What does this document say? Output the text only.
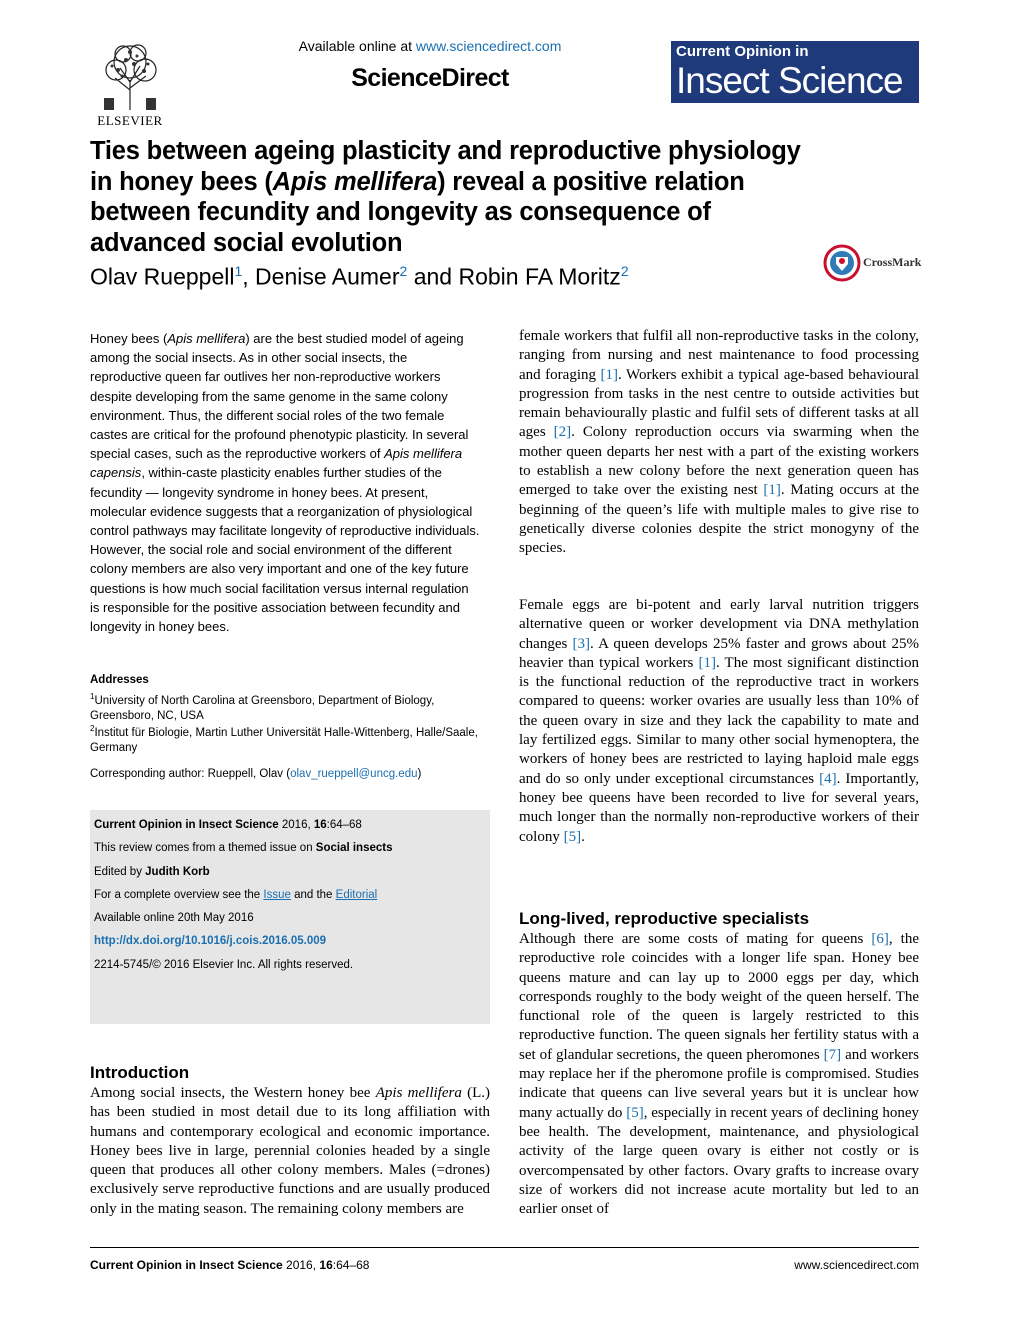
ELSEVIER
Available online at www.sciencedirect.com
ScienceDirect
Current Opinion in
Insect Science
Ties between ageing plasticity and reproductive physiology in honey bees (Apis mellifera) reveal a positive relation between fecundity and longevity as consequence of advanced social evolution
Olav Rueppell$^1$, Denise Aumer$^2$ and Robin FA Moritz$^2$
CrossMark
Honey bees (Apis mellifera) are the best studied model of ageing among the social insects. As in other social insects, the reproductive queen far outlives her non-reproductive workers despite developing from the same genome in the same colony environment. Thus, the different social roles of the two female castes are critical for the profound phenotypic plasticity. In several special cases, such as the reproductive workers of Apis mellifera capensis, within-caste plasticity enables further studies of the fecundity — longevity syndrome in honey bees. At present, molecular evidence suggests that a reorganization of physiological control pathways may facilitate longevity of reproductive individuals. However, the social role and social environment of the different colony members are also very important and one of the key future questions is how much social facilitation versus internal regulation is responsible for the positive association between fecundity and longevity in honey bees.
Addresses
$^1$University of North Carolina at Greensboro, Department of Biology, Greensboro, NC, USA
$^2$Institut für Biologie, Martin Luther Universität Halle-Wittenberg, Halle/Saale, Germany
Corresponding author: Rueppell, Olav (olav_rueppell@uncg.edu)
Current Opinion in Insect Science 2016, 16:64–68
This review comes from a themed issue on Social insects
Edited by Judith Korb
For a complete overview see the Issue and the Editorial
Available online 20th May 2016
http://dx.doi.org/10.1016/j.cois.2016.05.009
2214-5745/© 2016 Elsevier Inc. All rights reserved.
Introduction
Among social insects, the Western honey bee Apis mellifera (L.) has been studied in most detail due to its long affiliation with humans and contemporary ecological and economic importance. Honey bees live in large, perennial colonies headed by a single queen that produces all other colony members. Males (=drones) exclusively serve reproductive functions and are usually produced only in the mating season. The remaining colony members are
female workers that fulfil all non-reproductive tasks in the colony, ranging from nursing and nest maintenance to food processing and foraging [1]. Workers exhibit a typical age-based behavioural progression from tasks in the nest centre to outside activities but remain behaviourally plastic and fulfil sets of different tasks at all ages [2]. Colony reproduction occurs via swarming when the mother queen departs her nest with a part of the existing workers to establish a new colony before the next generation queen has emerged to take over the existing nest [1]. Mating occurs at the beginning of the queen’s life with multiple males to give rise to genetically diverse colonies despite the strict monogyny of the species.
Female eggs are bi-potent and early larval nutrition triggers alternative queen or worker development via DNA methylation changes [3]. A queen develops 25% faster and grows about 25% heavier than typical workers [1]. The most significant distinction is the functional reduction of the reproductive tract in workers compared to queens: worker ovaries are usually less than 10% of the queen ovary in size and they lack the capability to mate and lay fertilized eggs. Similar to many other social hymenoptera, the workers of honey bees are restricted to laying haploid male eggs and do so only under exceptional circumstances [4]. Importantly, honey bee queens have been recorded to live for several years, much longer than the normally non-reproductive workers of their colony [5].
Long-lived, reproductive specialists
Although there are some costs of mating for queens [6], the reproductive role coincides with a longer life span. Honey bee queens mature and can lay up to 2000 eggs per day, which corresponds roughly to the body weight of the queen herself. The functional role of the queen is largely restricted to this reproductive function. The queen signals her fertility status with a set of glandular secretions, the queen pheromones [7] and workers may replace her if the pheromone profile is compromised. Studies indicate that queens can live several years but it is unclear how many actually do [5], especially in recent years of declining honey bee health. The development, maintenance, and physiological activity of the large queen ovary is either not costly or is overcompensated by other factors. Ovary grafts to increase ovary size of workers did not increase acute mortality but led to an earlier onset of
Current Opinion in Insect Science 2016, 16:64–68	www.sciencedirect.com
